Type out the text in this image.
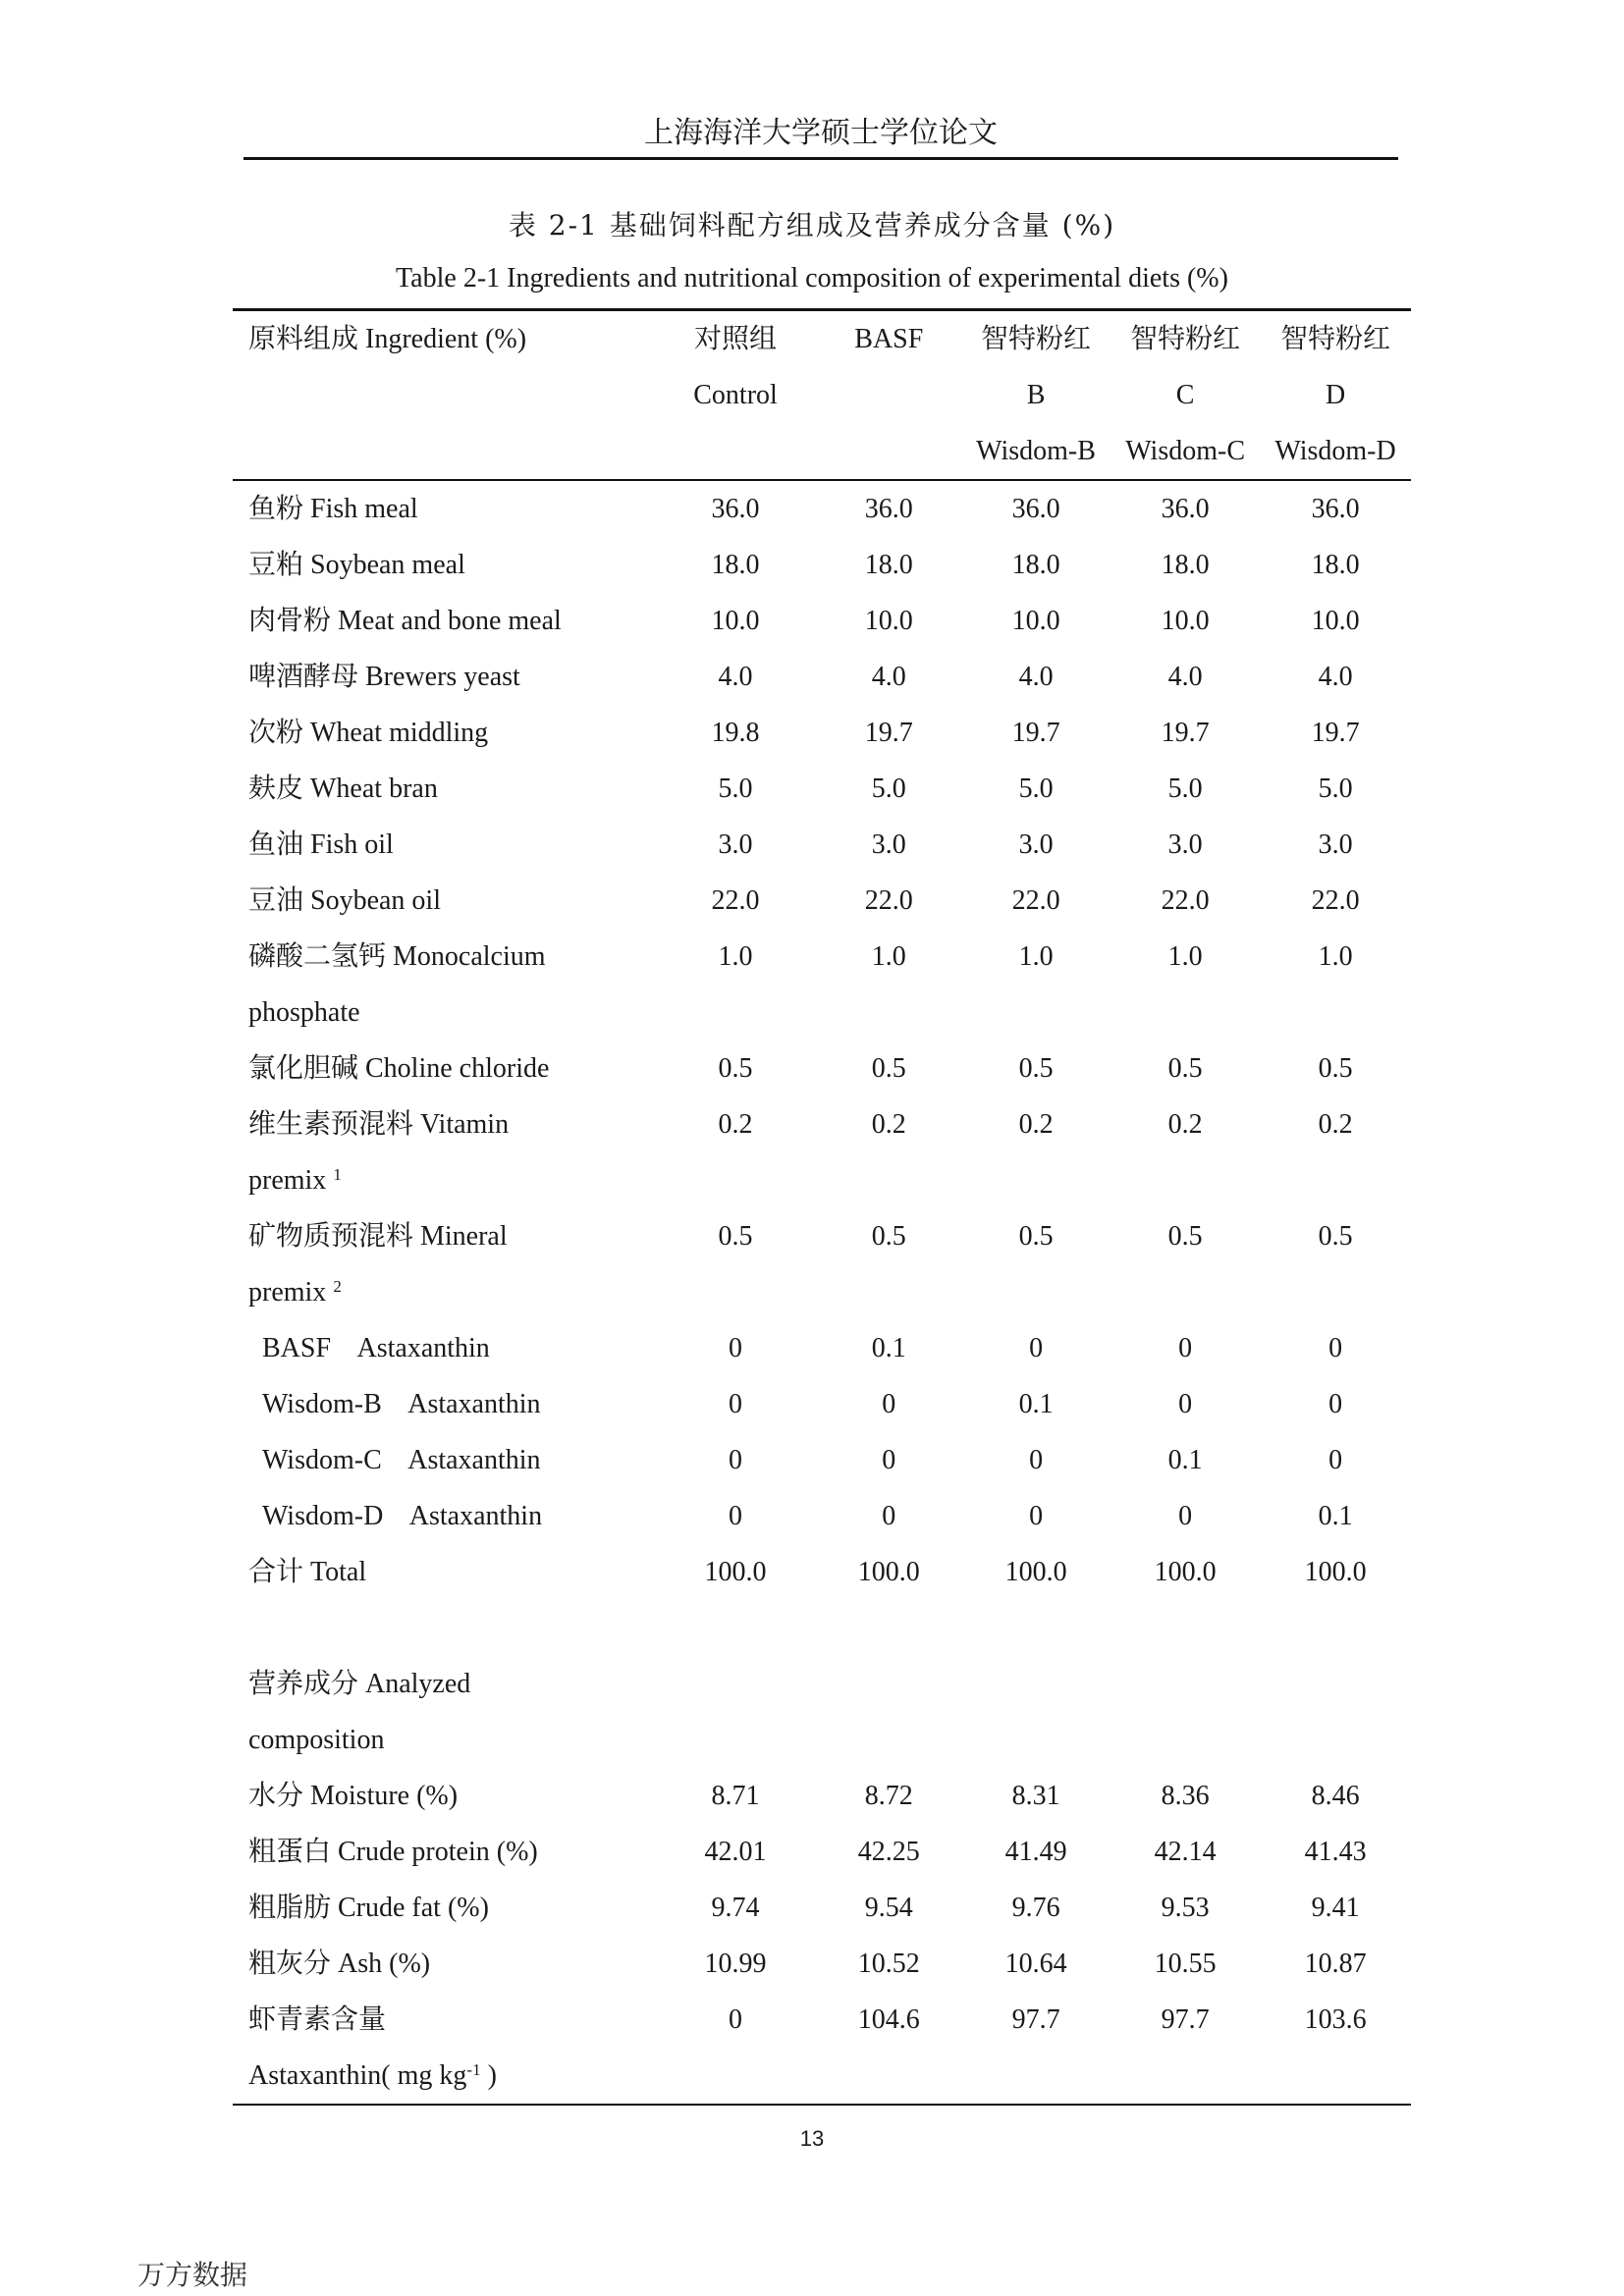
上海海洋大学硕士学位论文
表 2-1 基础饲料配方组成及营养成分含量 (%)
Table 2-1 Ingredients and nutritional composition of experimental diets (%)
原料组成 Ingredient (%)	对照组	BASF	智特粉红	智特粉红	智特粉红
	Control		B	C	D
			Wisdom-B	Wisdom-C	Wisdom-D
鱼粉 Fish meal	36.0	36.0	36.0	36.0	36.0
豆粕 Soybean meal	18.0	18.0	18.0	18.0	18.0
肉骨粉 Meat and bone meal	10.0	10.0	10.0	10.0	10.0
啤酒酵母 Brewers yeast	4.0	4.0	4.0	4.0	4.0
次粉 Wheat middling	19.8	19.7	19.7	19.7	19.7
麸皮 Wheat bran	5.0	5.0	5.0	5.0	5.0
鱼油 Fish oil	3.0	3.0	3.0	3.0	3.0
豆油 Soybean oil	22.0	22.0	22.0	22.0	22.0
磷酸二氢钙 Monocalcium	1.0	1.0	1.0	1.0	1.0
phosphate					
氯化胆碱 Choline chloride	0.5	0.5	0.5	0.5	0.5
维生素预混料 Vitamin	0.2	0.2	0.2	0.2	0.2
premix $^1$					
矿物质预混料 Mineral	0.5	0.5	0.5	0.5	0.5
premix $^2$					
BASF    Astaxanthin	0	0.1	0	0	0
Wisdom-B    Astaxanthin	0	0	0.1	0	0
Wisdom-C    Astaxanthin	0	0	0	0.1	0
Wisdom-D    Astaxanthin	0	0	0	0	0.1
合计 Total	100.0	100.0	100.0	100.0	100.0

营养成分 Analyzed					
composition					
水分 Moisture (%)	8.71	8.72	8.31	8.36	8.46
粗蛋白 Crude protein (%)	42.01	42.25	41.49	42.14	41.43
粗脂肪 Crude fat (%)	9.74	9.54	9.76	9.53	9.41
粗灰分 Ash (%)	10.99	10.52	10.64	10.55	10.87
虾青素含量	0	104.6	97.7	97.7	103.6
Astaxanthin( mg $kg^{-1}$ )					
13
万方数据
